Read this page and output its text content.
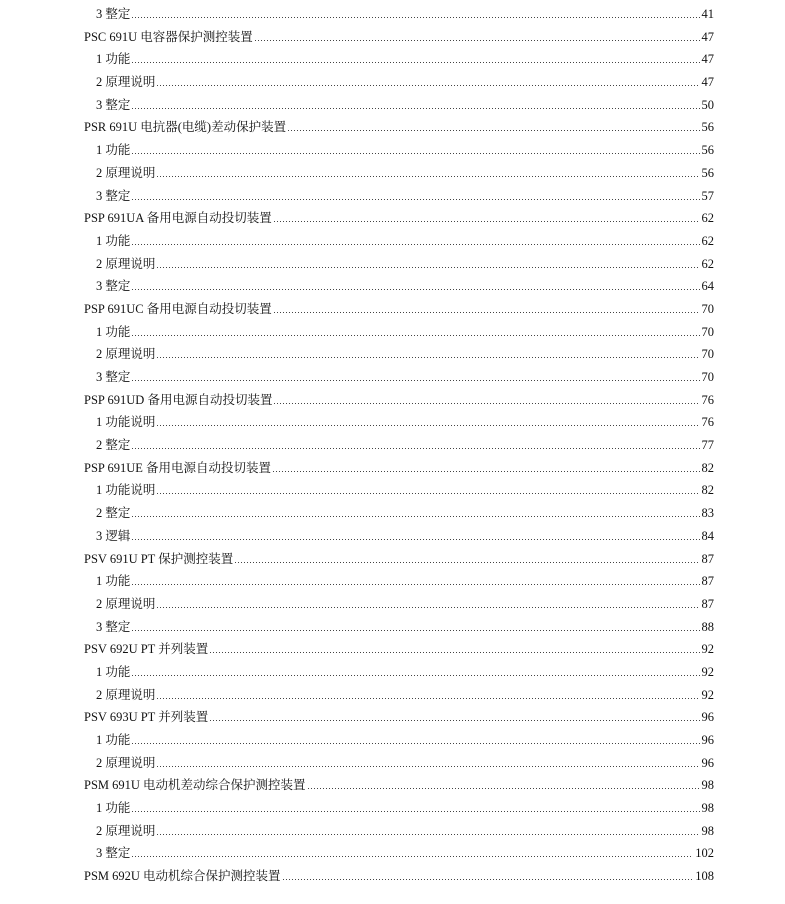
3 整定	41
PSC 691U 电容器保护测控装置	47
1 功能	47
2 原理说明	47
3 整定	50
PSR 691U 电抗器(电缆)差动保护装置	56
1 功能	56
2 原理说明	56
3 整定	57
PSP 691UA 备用电源自动投切装置	62
1 功能	62
2 原理说明	62
3 整定	64
PSP 691UC 备用电源自动投切装置	70
1 功能	70
2 原理说明	70
3 整定	70
PSP 691UD 备用电源自动投切装置	76
1 功能说明	76
2 整定	77
PSP 691UE 备用电源自动投切装置	82
1 功能说明	82
2 整定	83
3 逻辑	84
PSV 691U PT 保护测控装置	87
1 功能	87
2 原理说明	87
3 整定	88
PSV 692U PT 并列装置	92
1 功能	92
2 原理说明	92
PSV 693U PT 并列装置	96
1 功能	96
2 原理说明	96
PSM 691U 电动机差动综合保护测控装置	98
1 功能	98
2 原理说明	98
3 整定	102
PSM 692U 电动机综合保护测控装置	108
